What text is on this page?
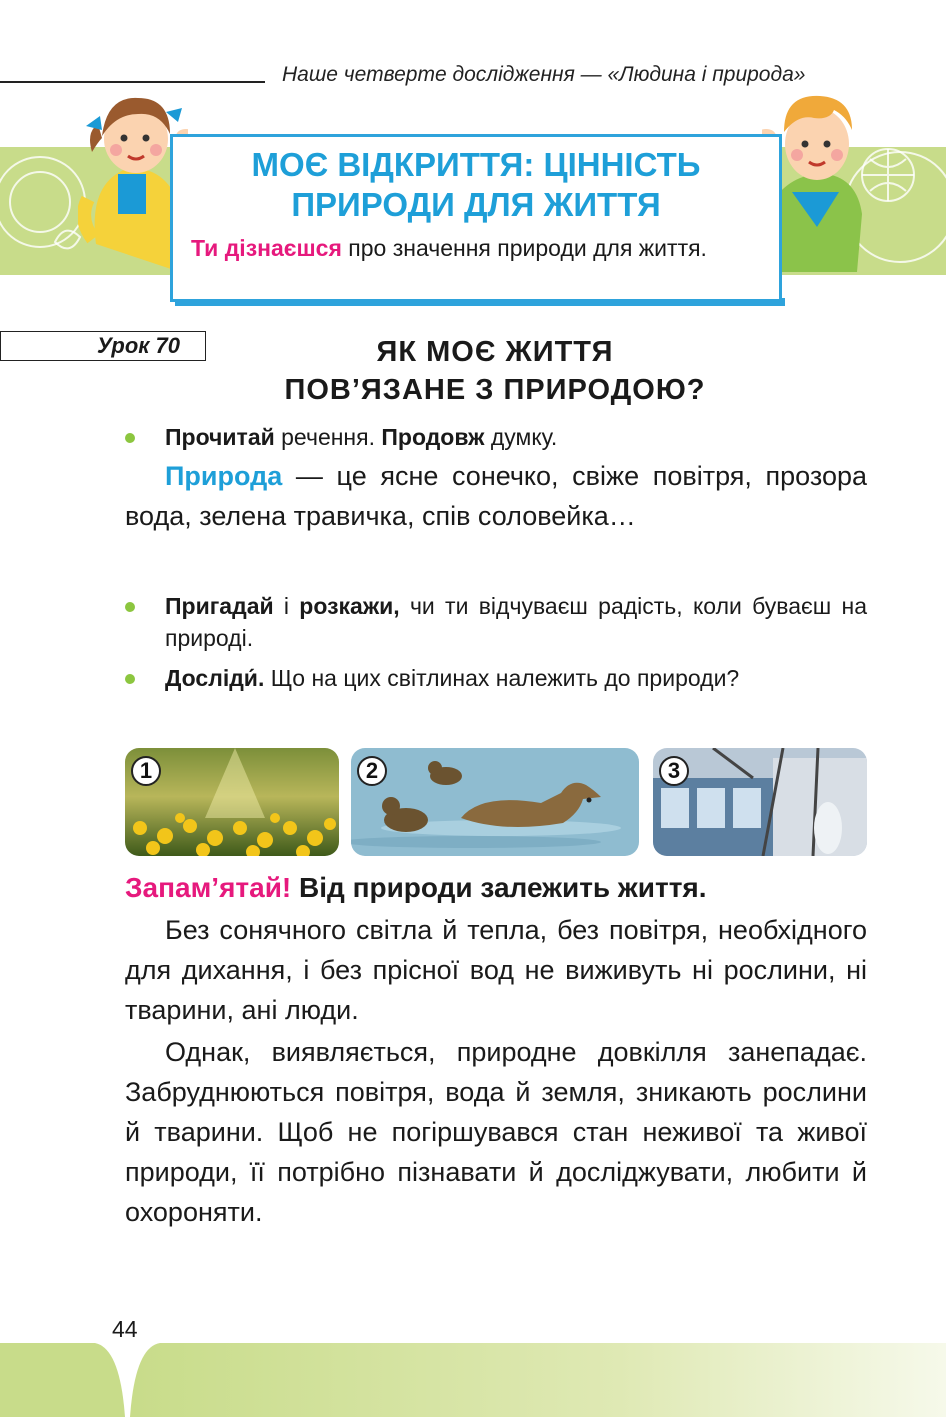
Наше четверте дослідження — «Людина і природа»
МОЄ ВІДКРИТТЯ: ЦІННІСТЬ
ПРИРОДИ ДЛЯ ЖИТТЯ
Ти дізнаєшся про значення природи для життя.
Урок 70	ЯК МОЄ ЖИТТЯ
ПОВ’ЯЗАНЕ З ПРИРОДОЮ?
Прочитай речення. Продовж думку.
Природа — це ясне сонечко, свіже повітря, прозора вода, зелена травичка, спів соловейка…
Пригадай і розкажи, чи ти відчуваєш радість, коли буваєш на природі.
Досліди́. Що на цих світлинах належить до природи?
1	2	3
Запам’ятай! Від природи залежить життя.
Без сонячного світла й тепла, без повітря, необхідного для дихання, і без прісної вод не виживуть ні рослини, ні тварини, ані люди.
Однак, виявляється, природне довкілля занепадає. Забруднюються повітря, вода й земля, зникають рослини й тварини. Щоб не погіршувався стан неживої та живої природи, її потрібно пізнавати й досліджувати, любити й охороняти.
44
